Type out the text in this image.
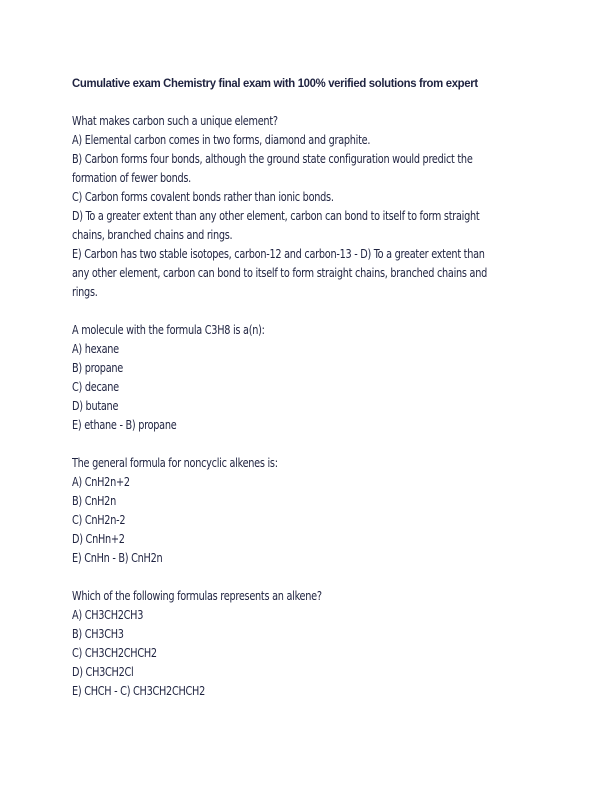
Cumulative exam Chemistry final exam with 100% verified solutions from expert
What makes carbon such a unique element?
A) Elemental carbon comes in two forms, diamond and graphite.
B) Carbon forms four bonds, although the ground state configuration would predict the
formation of fewer bonds.
C) Carbon forms covalent bonds rather than ionic bonds.
D) To a greater extent than any other element, carbon can bond to itself to form straight
chains, branched chains and rings.
E) Carbon has two stable isotopes, carbon-12 and carbon-13 - D) To a greater extent than
any other element, carbon can bond to itself to form straight chains, branched chains and
rings.
A molecule with the formula C3H8 is a(n):
A) hexane
B) propane
C) decane
D) butane
E) ethane - B) propane
The general formula for noncyclic alkenes is:
A) CnH2n+2
B) CnH2n
C) CnH2n-2
D) CnHn+2
E) CnHn - B) CnH2n
Which of the following formulas represents an alkene?
A) CH3CH2CH3
B) CH3CH3
C) CH3CH2CHCH2
D) CH3CH2Cl
E) CHCH - C) CH3CH2CHCH2
